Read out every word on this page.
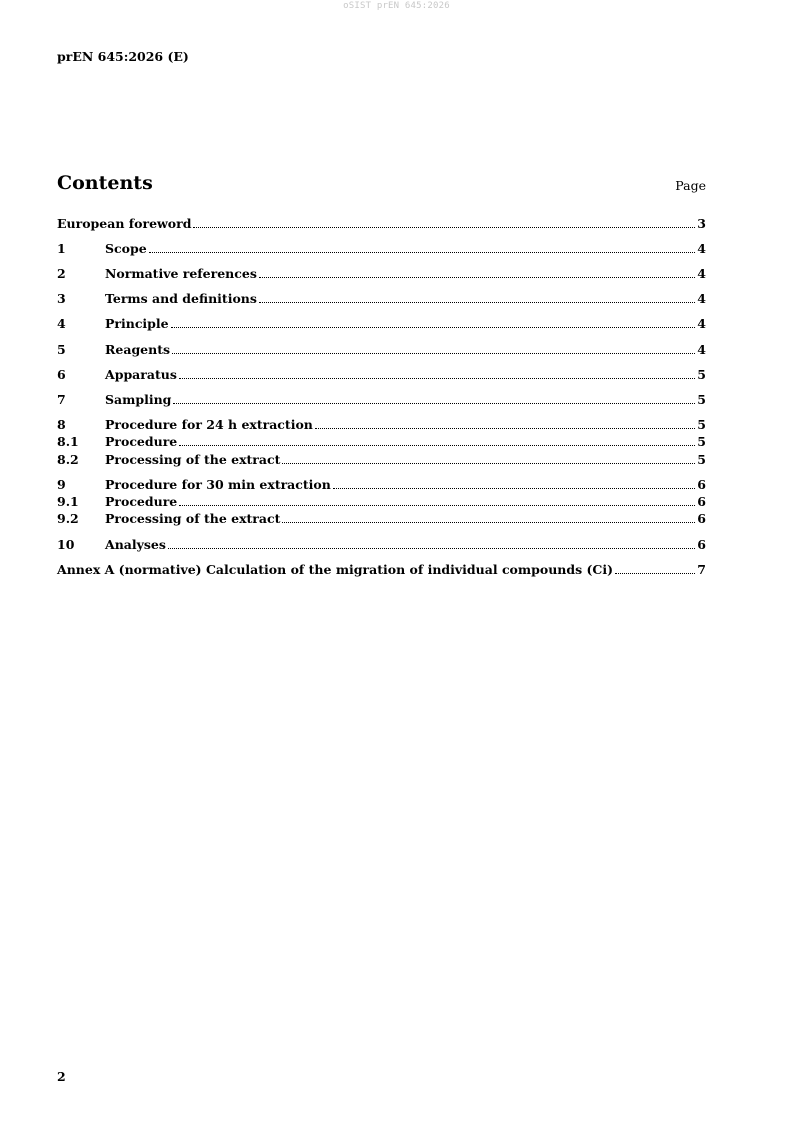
oSIST prEN 645:2026
prEN 645:2026 (E)
Contents	Page
European foreword	3
1	Scope	4
2	Normative references	4
3	Terms and definitions	4
4	Principle	4
5	Reagents	4
6	Apparatus	5
7	Sampling	5
8	Procedure for 24 h extraction	5
8.1	Procedure	5
8.2	Processing of the extract	5
9	Procedure for 30 min extraction	6
9.1	Procedure	6
9.2	Processing of the extract	6
10	Analyses	6
Annex A (normative) Calculation of the migration of individual compounds (Ci)	7
2
